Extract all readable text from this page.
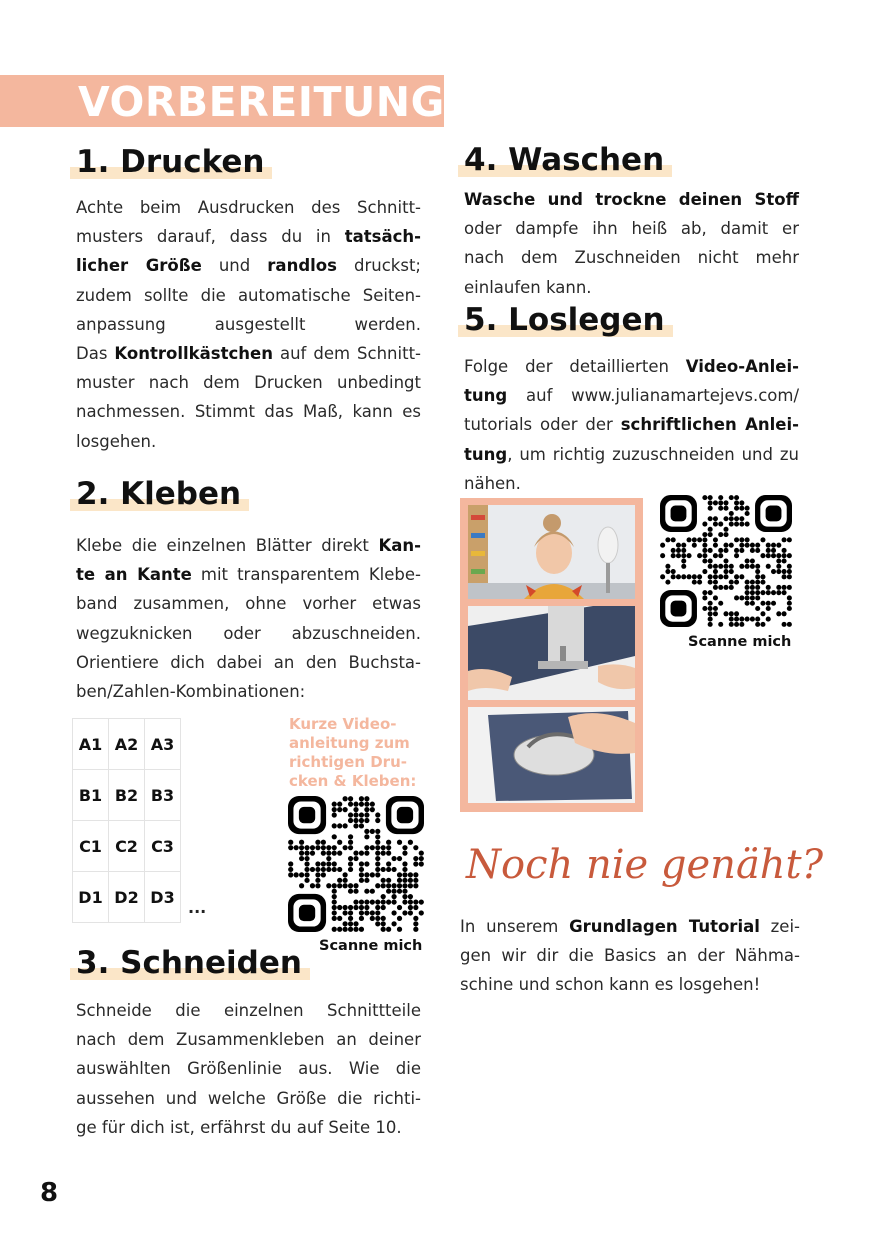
VORBEREITUNG
1. Drucken
Achte beim Ausdrucken des Schnitt-
musters darauf, dass du in tatsäch-
licher Größe und randlos druckst;
zudem sollte die automatische Seiten-
anpassung ausgestellt werden.
Das Kontrollkästchen auf dem Schnitt-
muster nach dem Drucken unbedingt
nachmessen. Stimmt das Maß, kann es
losgehen.
2. Kleben
Klebe die einzelnen Blätter direkt Kan-
te an Kante mit transparentem Klebe-
band zusammen, ohne vorher etwas
wegzuknicken oder abzuschneiden.
Orientiere dich dabei an den Buchsta-
ben/Zahlen-Kombinationen:
A1	A2	A3
B1	B2	B3
C1	C2	C3
D1	D2	D3
...
Kurze Video-
anleitung zum
richtigen Dru-
cken & Kleben:
Scanne mich
3. Schneiden
Schneide die einzelnen Schnittteile
nach dem Zusammenkleben an deiner
auswählten Größenlinie aus. Wie die
aussehen und welche Größe die richti-
ge für dich ist, erfährst du auf Seite 10.
4. Waschen
Wasche und trockne deinen Stoff
oder dampfe ihn heiß ab, damit er
nach dem Zuschneiden nicht mehr
einlaufen kann.
5. Loslegen
Folge der detaillierten Video-Anlei-
tung auf www.julianamartejevs.com/
tutorials oder der schriftlichen Anlei-
tung, um richtig zuzuschneiden und zu
nähen.
Scanne mich
Noch nie genäht?
In unserem Grundlagen Tutorial zei-
gen wir dir die Basics an der Nähma-
schine und schon kann es losgehen!
8
